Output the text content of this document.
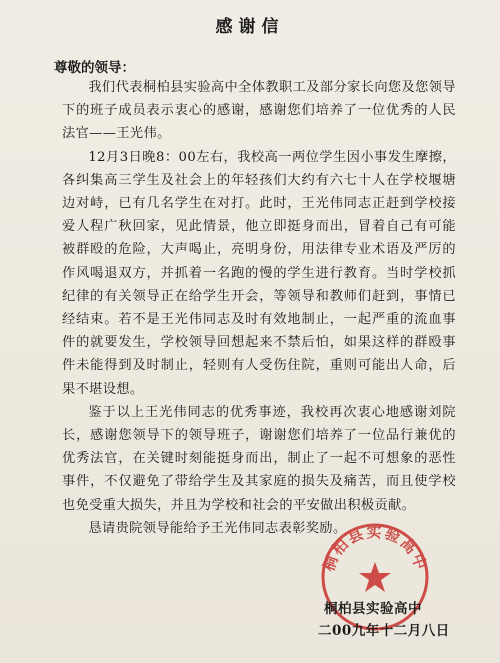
感谢信
尊敬的领导：

我们代表桐柏县实验高中全体教职工及部分家长向您及您领导下的班子成员表示衷心的感谢，感谢您们培养了一位优秀的人民法官——王光伟。

12月3日晚8：00左右，我校高一两位学生因小事发生摩擦，各纠集高三学生及社会上的年轻孩们大约有六七十人在学校堰塘边对峙，已有几名学生在对打。此时，王光伟同志正赶到学校接爱人程广秋回家，见此情景，他立即挺身而出，冒着自己有可能被群殴的危险，大声喝止，亮明身份，用法律专业术语及严厉的作风喝退双方，并抓着一名跑的慢的学生进行教育。当时学校抓纪律的有关领导正在给学生开会，等领导和教师们赶到，事情已经结束。若不是王光伟同志及时有效地制止，一起严重的流血事件的就要发生，学校领导回想起来不禁后怕，如果这样的群殴事件未能得到及时制止，轻则有人受伤住院，重则可能出人命，后果不堪设想。

鉴于以上王光伟同志的优秀事迹，我校再次衷心地感谢刘院长，感谢您领导下的领导班子，谢谢您们培养了一位品行兼优的优秀法官，在关键时刻能挺身而出，制止了一起不可想象的恶性事件，不仅避免了带给学生及其家庭的损失及痛苦，而且使学校也免受重大损失，并且为学校和社会的平安做出积极贡献。

恳请贵院领导能给予王光伟同志表彰奖励。

桐柏县实验高中
桐柏县实验高中
二00九年十二月八日
